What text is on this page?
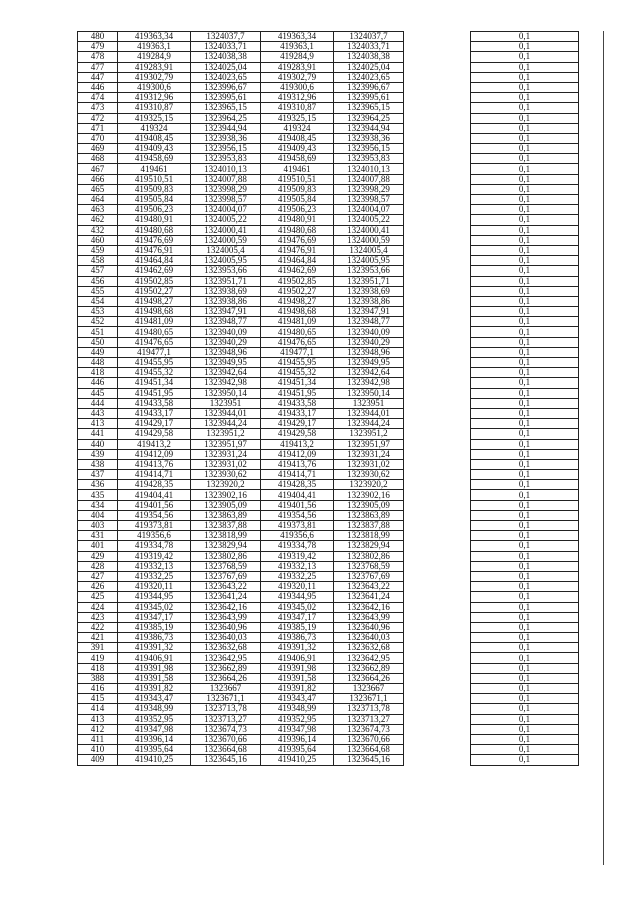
480	419363,34	1324037,7	419363,34	1324037,7		0,1
479	419363,1	1324033,71	419363,1	1324033,71		0,1
478	419284,9	1324038,38	419284,9	1324038,38		0,1
477	419283,91	1324025,04	419283,91	1324025,04		0,1
447	419302,79	1324023,65	419302,79	1324023,65		0,1
446	419300,6	1323996,67	419300,6	1323996,67		0,1
474	419312,96	1323995,61	419312,96	1323995,61		0,1
473	419310,87	1323965,15	419310,87	1323965,15		0,1
472	419325,15	1323964,25	419325,15	1323964,25		0,1
471	419324	1323944,94	419324	1323944,94		0,1
470	419408,45	1323938,36	419408,45	1323938,36		0,1
469	419409,43	1323956,15	419409,43	1323956,15		0,1
468	419458,69	1323953,83	419458,69	1323953,83		0,1
467	419461	1324010,13	419461	1324010,13		0,1
466	419510,51	1324007,88	419510,51	1324007,88		0,1
465	419509,83	1323998,29	419509,83	1323998,29		0,1
464	419505,84	1323998,57	419505,84	1323998,57		0,1
463	419506,23	1324004,07	419506,23	1324004,07		0,1
462	419480,91	1324005,22	419480,91	1324005,22		0,1
432	419480,68	1324000,41	419480,68	1324000,41		0,1
460	419476,69	1324000,59	419476,69	1324000,59		0,1
459	419476,91	1324005,4	419476,91	1324005,4		0,1
458	419464,84	1324005,95	419464,84	1324005,95		0,1
457	419462,69	1323953,66	419462,69	1323953,66		0,1
456	419502,85	1323951,71	419502,85	1323951,71		0,1
455	419502,27	1323938,69	419502,27	1323938,69		0,1
454	419498,27	1323938,86	419498,27	1323938,86		0,1
453	419498,68	1323947,91	419498,68	1323947,91		0,1
452	419481,09	1323948,77	419481,09	1323948,77		0,1
451	419480,65	1323940,09	419480,65	1323940,09		0,1
450	419476,65	1323940,29	419476,65	1323940,29		0,1
449	419477,1	1323948,96	419477,1	1323948,96		0,1
448	419455,95	1323949,95	419455,95	1323949,95		0,1
418	419455,32	1323942,64	419455,32	1323942,64		0,1
446	419451,34	1323942,98	419451,34	1323942,98		0,1
445	419451,95	1323950,14	419451,95	1323950,14		0,1
444	419433,58	1323951	419433,58	1323951		0,1
443	419433,17	1323944,01	419433,17	1323944,01		0,1
413	419429,17	1323944,24	419429,17	1323944,24		0,1
441	419429,58	1323951,2	419429,58	1323951,2		0,1
440	419413,2	1323951,97	419413,2	1323951,97		0,1
439	419412,09	1323931,24	419412,09	1323931,24		0,1
438	419413,76	1323931,02	419413,76	1323931,02		0,1
437	419414,71	1323930,62	419414,71	1323930,62		0,1
436	419428,35	1323920,2	419428,35	1323920,2		0,1
435	419404,41	1323902,16	419404,41	1323902,16		0,1
434	419401,56	1323905,09	419401,56	1323905,09		0,1
404	419354,56	1323863,89	419354,56	1323863,89		0,1
403	419373,81	1323837,88	419373,81	1323837,88		0,1
431	419356,6	1323818,99	419356,6	1323818,99		0,1
401	419334,78	1323829,94	419334,78	1323829,94		0,1
429	419319,42	1323802,86	419319,42	1323802,86		0,1
428	419332,13	1323768,59	419332,13	1323768,59		0,1
427	419332,25	1323767,69	419332,25	1323767,69		0,1
426	419320,11	1323643,22	419320,11	1323643,22		0,1
425	419344,95	1323641,24	419344,95	1323641,24		0,1
424	419345,02	1323642,16	419345,02	1323642,16		0,1
423	419347,17	1323643,99	419347,17	1323643,99		0,1
422	419385,19	1323640,96	419385,19	1323640,96		0,1
421	419386,73	1323640,03	419386,73	1323640,03		0,1
391	419391,32	1323632,68	419391,32	1323632,68		0,1
419	419406,91	1323642,95	419406,91	1323642,95		0,1
418	419391,98	1323662,89	419391,98	1323662,89		0,1
388	419391,58	1323664,26	419391,58	1323664,26		0,1
416	419391,82	1323667	419391,82	1323667		0,1
415	419343,47	1323671,1	419343,47	1323671,1		0,1
414	419348,99	1323713,78	419348,99	1323713,78		0,1
413	419352,95	1323713,27	419352,95	1323713,27		0,1
412	419347,98	1323674,73	419347,98	1323674,73		0,1
411	419396,14	1323670,66	419396,14	1323670,66		0,1
410	419395,64	1323664,68	419395,64	1323664,68		0,1
409	419410,25	1323645,16	419410,25	1323645,16		0,1
